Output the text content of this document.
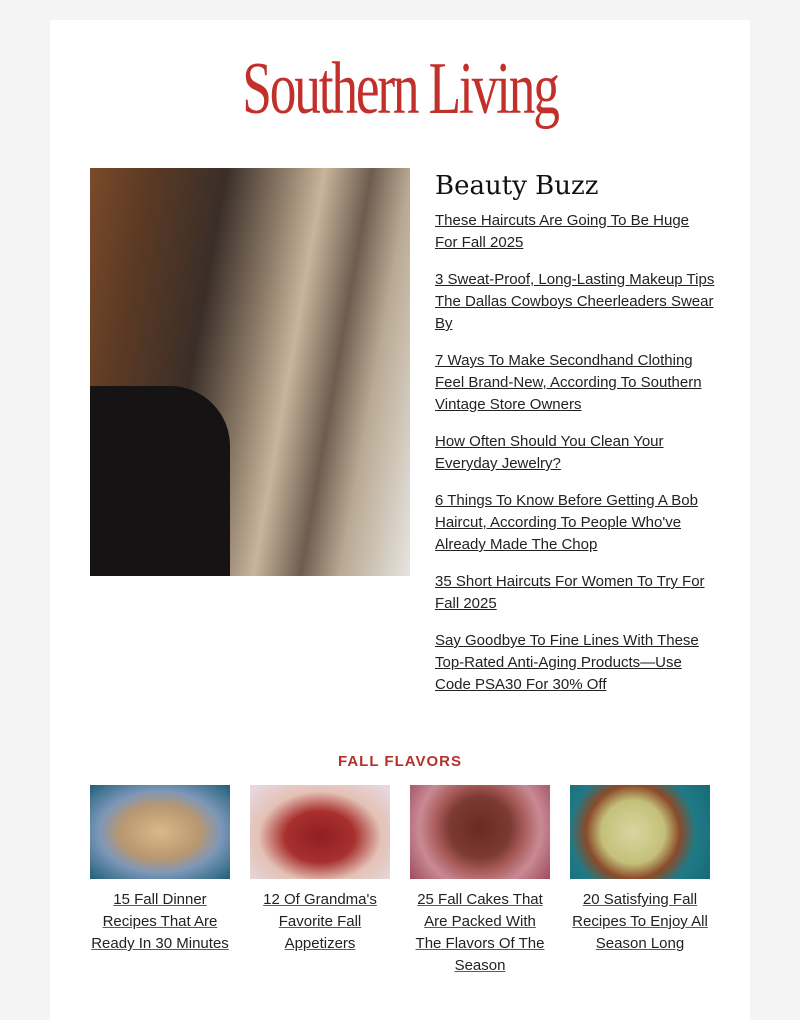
Southern Living
Beauty Buzz
These Haircuts Are Going To Be Huge For Fall 2025
3 Sweat-Proof, Long-Lasting Makeup Tips The Dallas Cowboys Cheerleaders Swear By
7 Ways To Make Secondhand Clothing Feel Brand-New, According To Southern Vintage Store Owners
How Often Should You Clean Your Everyday Jewelry?
6 Things To Know Before Getting A Bob Haircut, According To People Who've Already Made The Chop
35 Short Haircuts For Women To Try For Fall 2025
Say Goodbye To Fine Lines With These Top-Rated Anti-Aging Products—Use Code PSA30 For 30% Off
FALL FLAVORS
15 Fall Dinner Recipes That Are Ready In 30 Minutes
12 Of Grandma's Favorite Fall Appetizers
25 Fall Cakes That Are Packed With The Flavors Of The Season
20 Satisfying Fall Recipes To Enjoy All Season Long
